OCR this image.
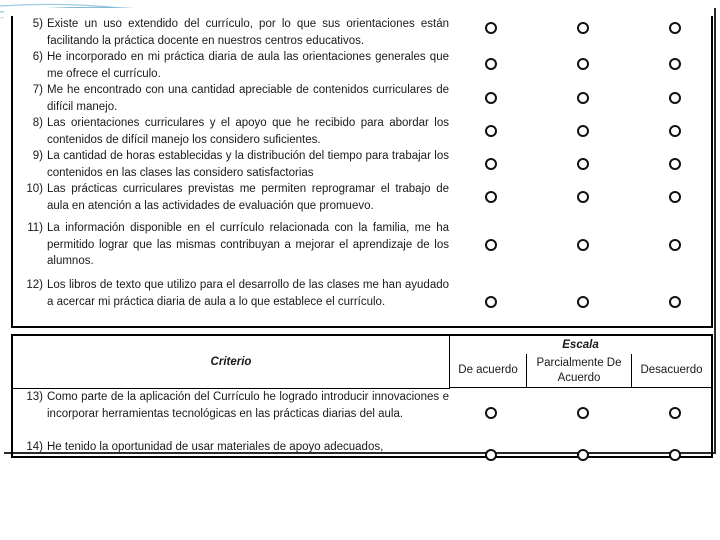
5) Existe un uso extendido del currículo, por lo que sus orientaciones están facilitando la práctica docente en nuestros centros educativos.
6) He incorporado en mi práctica diaria de aula las orientaciones generales que me ofrece el currículo.
7) Me he encontrado con una cantidad apreciable de contenidos curriculares de difícil manejo.
8) Las orientaciones curriculares y el apoyo que he recibido para abordar los contenidos de difícil manejo los considero suficientes.
9) La cantidad de horas establecidas y la distribución del tiempo para trabajar los contenidos en las clases las considero satisfactorias
10) Las prácticas curriculares previstas me permiten reprogramar el trabajo de aula en atención a las actividades de evaluación que promuevo.
11) La información disponible en el currículo relacionada con la familia, me ha permitido lograr que las mismas contribuyan a mejorar el aprendizaje de los alumnos.
12) Los libros de texto que utilizo para el desarrollo de las clases me han ayudado a acercar mi práctica diaria de aula a lo que establece el currículo.
Criterio
Escala
De acuerdo
Parcialmente De Acuerdo
Desacuerdo
13) Como parte de la aplicación del Currículo he logrado introducir innovaciones e incorporar herramientas tecnológicas en las prácticas diarias del aula.
14) He tenido la oportunidad de usar materiales de apoyo adecuados,
